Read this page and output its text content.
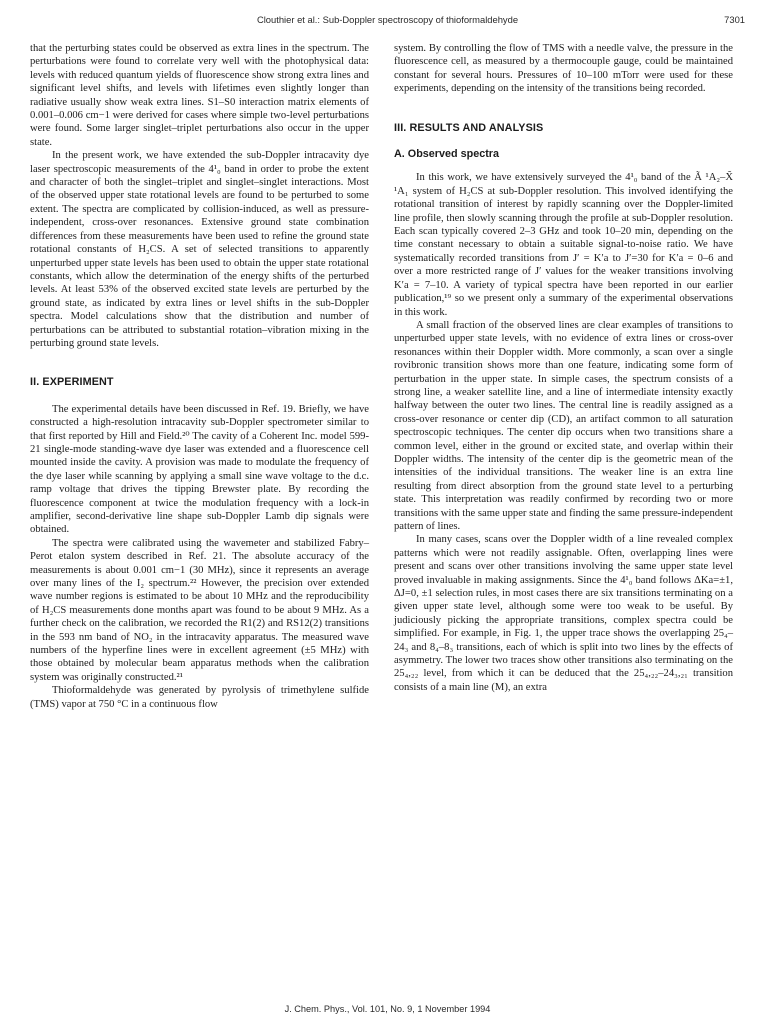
Clouthier et al.: Sub-Doppler spectroscopy of thioformaldehyde	7301

that the perturbing states could be observed as extra lines in the spectrum. The perturbations were found to correlate very well with the photophysical data: levels with reduced quantum yields of fluorescence show strong extra lines and significant level shifts, and levels with lifetimes even slightly longer than radiative usually show weak extra lines. S1–S0 interaction matrix elements of 0.001–0.006 cm−1 were derived for cases where simple two-level perturbations were found. Some larger singlet–triplet perturbations also occur in the upper state.

In the present work, we have extended the sub-Doppler intracavity dye laser spectroscopic measurements of the 4¹₀ band in order to probe the extent and character of both the singlet–triplet and singlet–singlet interactions. Most of the observed upper state rotational levels are found to be perturbed to some extent. The spectra are complicated by collision-induced, as well as pressure-independent, cross-over resonances. Extensive ground state combination differences from these measurements have been used to refine the ground state rotational constants of H₂CS. A set of selected transitions to apparently unperturbed upper state levels has been used to obtain the upper state rotational constants, which allow the determination of the energy shifts of the perturbed levels. At least 53% of the observed excited state levels are perturbed by the ground state, as indicated by extra lines or level shifts in the sub-Doppler spectra. Model calculations show that the distribution and number of perturbations can be attributed to substantial rotation–vibration mixing in the perturbing ground state levels.

II. EXPERIMENT

The experimental details have been discussed in Ref. 19. Briefly, we have constructed a high-resolution intracavity sub-Doppler spectrometer similar to that first reported by Hill and Field.²⁰ The cavity of a Coherent Inc. model 599-21 single-mode standing-wave dye laser was extended and a fluorescence cell mounted inside the cavity. A provision was made to modulate the frequency of the dye laser while scanning by applying a small sine wave voltage to the d.c. ramp voltage that drives the tipping Brewster plate. By recording the fluorescence component at twice the modulation frequency with a lock-in amplifier, second-derivative line shape sub-Doppler Lamb dip signals were obtained.

The spectra were calibrated using the wavemeter and stabilized Fabry–Perot etalon system described in Ref. 21. The absolute accuracy of the measurements is about 0.001 cm−1 (30 MHz), since it represents an average over many lines of the I₂ spectrum.²² However, the precision over extended wave number regions is estimated to be about 10 MHz and the reproducibility of H₂CS measurements done months apart was found to be about 9 MHz. As a further check on the calibration, we recorded the R1(2) and RS12(2) transitions in the 593 nm band of NO₂ in the intracavity apparatus. The measured wave numbers of the hyperfine lines were in excellent agreement (±5 MHz) with those obtained by molecular beam apparatus methods when the calibration system was originally constructed.²¹

Thioformaldehyde was generated by pyrolysis of trimethylene sulfide (TMS) vapor at 750 °C in a continuous flow

system. By controlling the flow of TMS with a needle valve, the pressure in the fluorescence cell, as measured by a thermocouple gauge, could be maintained constant for several hours. Pressures of 10–100 mTorr were used for these experiments, depending on the intensity of the transitions being recorded.

III. RESULTS AND ANALYSIS
A. Observed spectra

In this work, we have extensively surveyed the 4¹₀ band of the Ã ¹A₂–X̃ ¹A₁ system of H₂CS at sub-Doppler resolution. This involved identifying the rotational transition of interest by rapidly scanning over the Doppler-limited line profile, then slowly scanning through the profile at sub-Doppler resolution. Each scan typically covered 2–3 GHz and took 10–20 min, depending on the time constant necessary to obtain a suitable signal-to-noise ratio. We have systematically recorded transitions from J′ = K′a to J′=30 for K′a = 0–6 and over a more restricted range of J′ values for the weaker transitions involving K′a = 7–10. A variety of typical spectra have been reported in our earlier publication,¹⁹ so we present only a summary of the experimental observations in this work.

A small fraction of the observed lines are clear examples of transitions to unperturbed upper state levels, with no evidence of extra lines or cross-over resonances within their Doppler width. More commonly, a scan over a single rovibronic transition shows more than one feature, indicating some form of perturbation in the upper state. In simple cases, the spectrum consists of a strong line, a weaker satellite line, and a line of intermediate intensity exactly halfway between the outer two lines. The central line is readily assigned as a cross-over resonance or center dip (CD), an artifact common to all saturation spectroscopic techniques. The center dip occurs when two transitions share a common level, either in the ground or excited state, and overlap within their Doppler widths. The intensity of the center dip is the geometric mean of the intensities of the individual transitions. The weaker line is an extra line resulting from direct absorption from the ground state level to a perturbing state. This interpretation was readily confirmed by recording two or more transitions with the same upper state and finding the same pressure-independent pattern of lines.

In many cases, scans over the Doppler width of a line revealed complex patterns which were not readily assignable. Often, overlapping lines were present and scans over other transitions involving the same upper state level proved invaluable in making assignments. Since the 4¹₀ band follows ΔKa=±1, ΔJ=0, ±1 selection rules, in most cases there are six transitions terminating on a given upper state level, although some were too weak to be useful. By judiciously picking the appropriate transitions, complex spectra could be simplified. For example, in Fig. 1, the upper trace shows the overlapping 25₄–24₃ and 8₄–8₃ transitions, each of which is split into two lines by the effects of asymmetry. The lower two traces show other transitions also terminating on the 25₄,₂₂ level, from which it can be deduced that the 25₄,₂₂–24₃,₂₁ transition consists of a main line (M), an extra

J. Chem. Phys., Vol. 101, No. 9, 1 November 1994
